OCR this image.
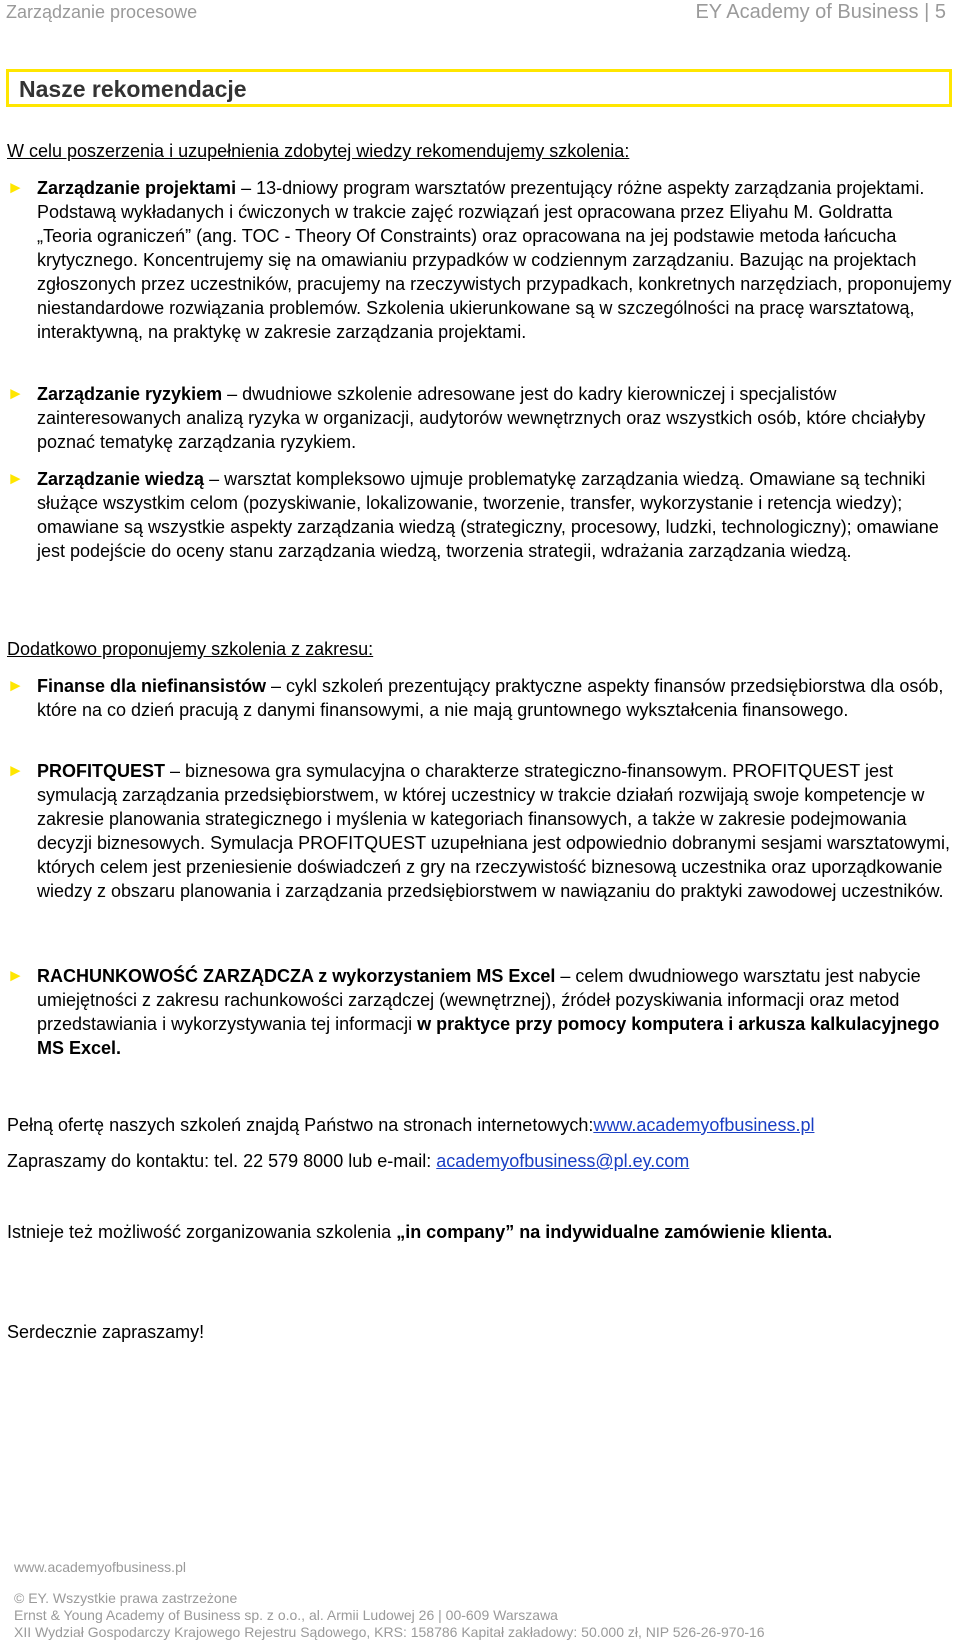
Zarządzanie procesowe	EY Academy of Business | 5
Nasze rekomendacje

W celu poszerzenia i uzupełnienia zdobytej wiedzy rekomendujemy szkolenia:

► Zarządzanie projektami – 13-dniowy program warsztatów prezentujący różne aspekty zarządzania projektami. Podstawą wykładanych i ćwiczonych w trakcie zajęć rozwiązań jest opracowana przez Eliyahu M. Goldratta „Teoria ograniczeń” (ang. TOC - Theory Of Constraints) oraz opracowana na jej podstawie metoda łańcucha krytycznego. Koncentrujemy się na omawianiu przypadków w codziennym zarządzaniu. Bazując na projektach zgłoszonych przez uczestników, pracujemy na rzeczywistych przypadkach, konkretnych narzędziach, proponujemy niestandardowe rozwiązania problemów. Szkolenia ukierunkowane są w szczególności na pracę warsztatową, interaktywną, na praktykę w zakresie zarządzania projektami.
► Zarządzanie ryzykiem – dwudniowe szkolenie adresowane jest do kadry kierowniczej i specjalistów zainteresowanych analizą ryzyka w organizacji, audytorów wewnętrznych oraz wszystkich osób, które chciałyby poznać tematykę zarządzania ryzykiem.
► Zarządzanie wiedzą – warsztat kompleksowo ujmuje problematykę zarządzania wiedzą. Omawiane są techniki służące wszystkim celom (pozyskiwanie, lokalizowanie, tworzenie, transfer, wykorzystanie i retencja wiedzy); omawiane są wszystkie aspekty zarządzania wiedzą (strategiczny, procesowy, ludzki, technologiczny); omawiane jest podejście do oceny stanu zarządzania wiedzą, tworzenia strategii, wdrażania zarządzania wiedzą.

Dodatkowo proponujemy szkolenia z zakresu:

► Finanse dla niefinansistów – cykl szkoleń prezentujący praktyczne aspekty finansów przedsiębiorstwa dla osób, które na co dzień pracują z danymi finansowymi, a nie mają gruntownego wykształcenia finansowego.
► PROFITQUEST – biznesowa gra symulacyjna o charakterze strategiczno-finansowym. PROFITQUEST jest symulacją zarządzania przedsiębiorstwem, w której uczestnicy w trakcie działań rozwijają swoje kompetencje w zakresie planowania strategicznego i myślenia w kategoriach finansowych, a także w zakresie podejmowania decyzji biznesowych. Symulacja PROFITQUEST uzupełniana jest odpowiednio dobranymi sesjami warsztatowymi, których celem jest przeniesienie doświadczeń z gry na rzeczywistość biznesową uczestnika oraz uporządkowanie wiedzy z obszaru planowania i zarządzania przedsiębiorstwem w nawiązaniu do praktyki zawodowej uczestników.
► RACHUNKOWOŚĆ ZARZĄDCZA z wykorzystaniem MS Excel – celem dwudniowego warsztatu jest nabycie umiejętności z zakresu rachunkowości zarządczej (wewnętrznej), źródeł pozyskiwania informacji oraz metod przedstawiania i wykorzystywania tej informacji w praktyce przy pomocy komputera i arkusza kalkulacyjnego MS Excel.

Pełną ofertę naszych szkoleń znajdą Państwo na stronach internetowych:www.academyofbusiness.pl

Zapraszamy do kontaktu: tel. 22 579 8000 lub e-mail: academyofbusiness@pl.ey.com

Istnieje też możliwość zorganizowania szkolenia „in company” na indywidualne zamówienie klienta.

Serdecznie zapraszamy!

www.academyofbusiness.pl

© EY. Wszystkie prawa zastrzeżone

Ernst & Young Academy of Business sp. z o.o., al. Armii Ludowej 26 | 00-609 Warszawa

XII Wydział Gospodarczy Krajowego Rejestru Sądowego, KRS: 158786 Kapitał zakładowy: 50.000 zł, NIP 526-26-970-16
